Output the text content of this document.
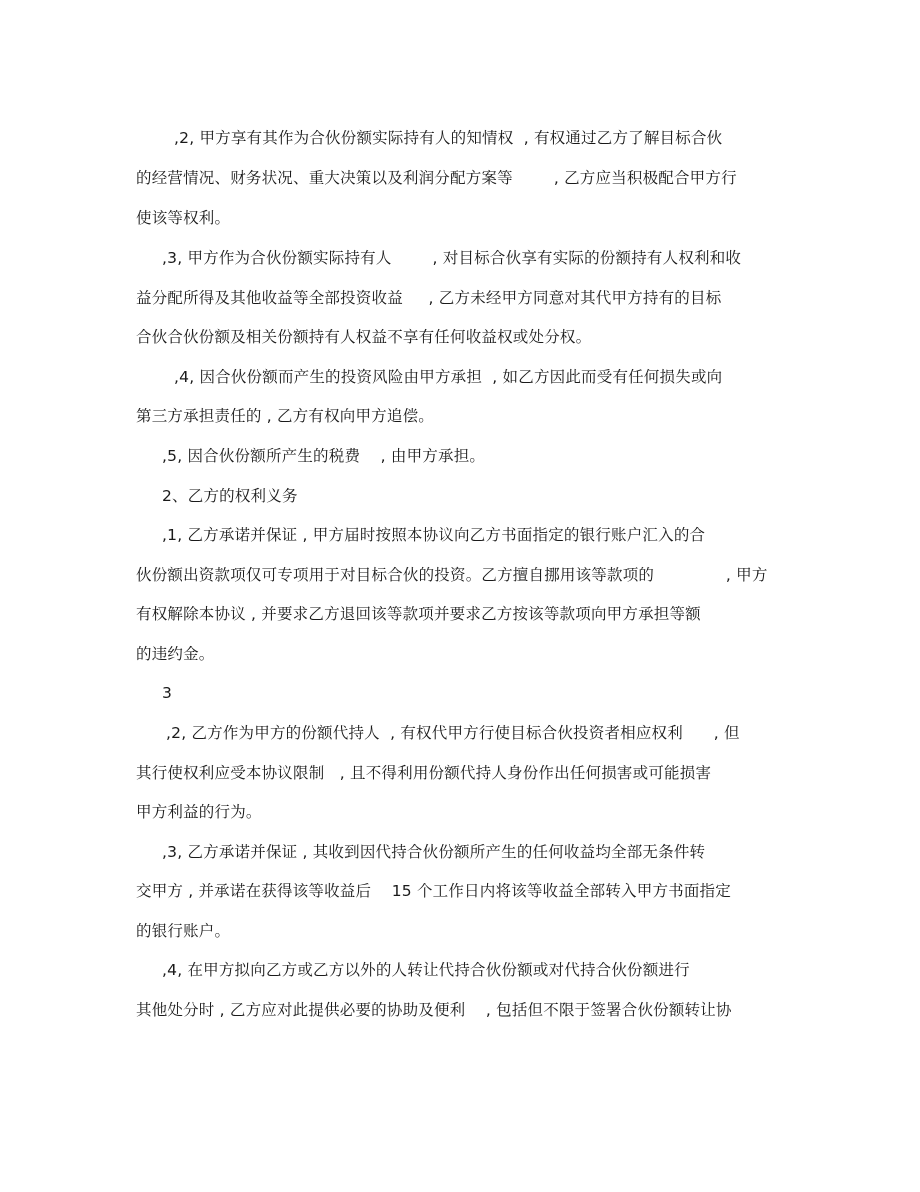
,2, 甲方享有其作为合伙份额实际持有人的知情权  , 有权通过乙方了解目标合伙
的经营情况、财务状况、重大决策以及利润分配方案等        , 乙方应当积极配合甲方行
使该等权利。
,3, 甲方作为合伙份额实际持有人        , 对目标合伙享有实际的份额持有人权利和收
益分配所得及其他收益等全部投资收益     , 乙方未经甲方同意对其代甲方持有的目标
合伙合伙份额及相关份额持有人权益不享有任何收益权或处分权。
,4, 因合伙份额而产生的投资风险由甲方承担  , 如乙方因此而受有任何损失或向
第三方承担责任的 , 乙方有权向甲方追偿。
,5, 因合伙份额所产生的税费    , 由甲方承担。
2、乙方的权利义务
,1, 乙方承诺并保证 , 甲方届时按照本协议向乙方书面指定的银行账户汇入的合
伙份额出资款项仅可专项用于对目标合伙的投资。乙方擅自挪用该等款项的              , 甲方
有权解除本协议 , 并要求乙方退回该等款项并要求乙方按该等款项向甲方承担等额
的违约金。
3
,2, 乙方作为甲方的份额代持人  , 有权代甲方行使目标合伙投资者相应权利      , 但
其行使权利应受本协议限制   , 且不得利用份额代持人身份作出任何损害或可能损害
甲方利益的行为。
,3, 乙方承诺并保证 , 其收到因代持合伙份额所产生的任何收益均全部无条件转
交甲方 , 并承诺在获得该等收益后    15 个工作日内将该等收益全部转入甲方书面指定
的银行账户。
,4, 在甲方拟向乙方或乙方以外的人转让代持合伙份额或对代持合伙份额进行
其他处分时 , 乙方应对此提供必要的协助及便利    , 包括但不限于签署合伙份额转让协
